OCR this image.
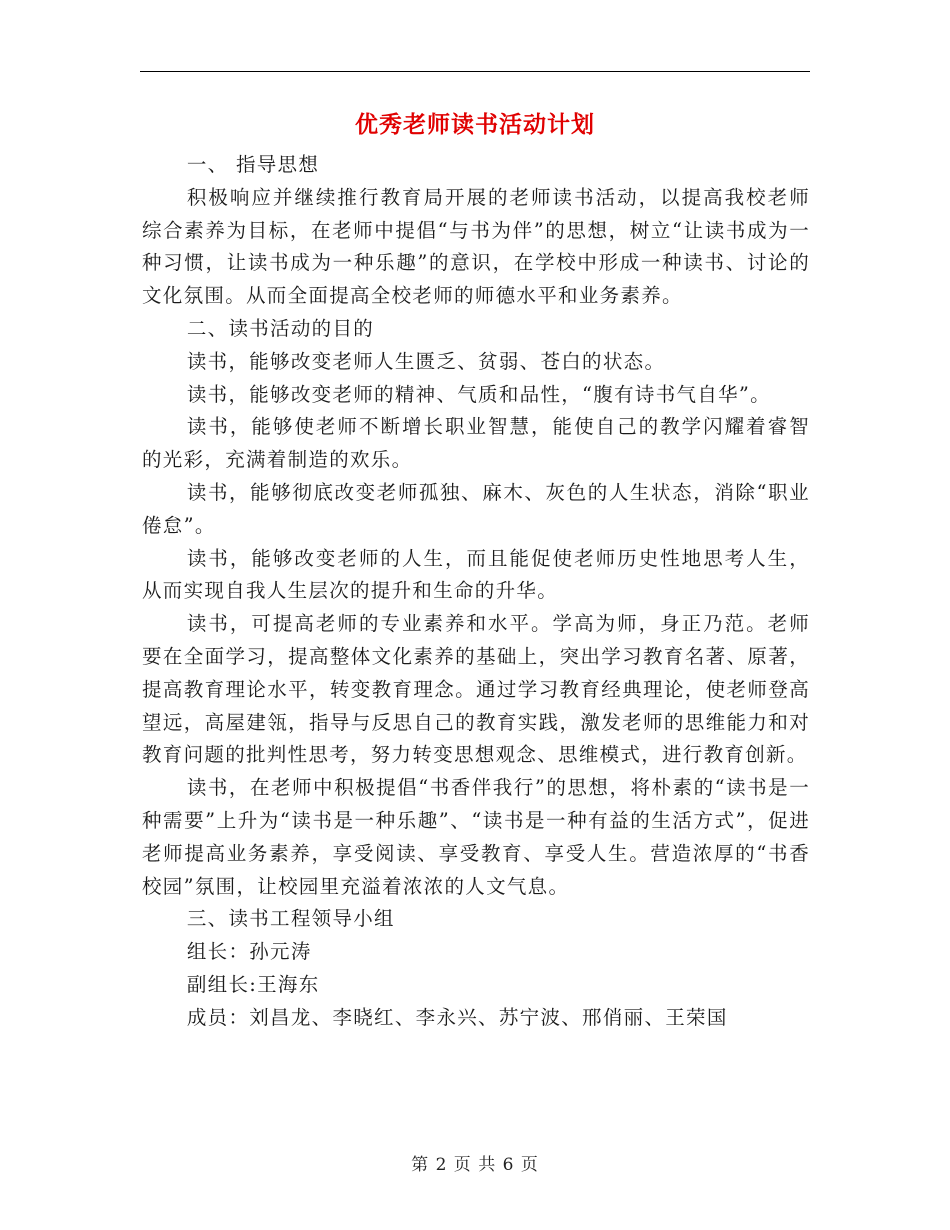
优秀老师读书活动计划

一、 指导思想

积极响应并继续推行教育局开展的老师读书活动，以提高我校老师综合素养为目标，在老师中提倡“与书为伴”的思想，树立“让读书成为一种习惯，让读书成为一种乐趣”的意识，在学校中形成一种读书、讨论的文化氛围。从而全面提高全校老师的师德水平和业务素养。

二、读书活动的目的

读书，能够改变老师人生匮乏、贫弱、苍白的状态。

读书，能够改变老师的精神、气质和品性，“腹有诗书气自华”。

读书，能够使老师不断增长职业智慧，能使自己的教学闪耀着睿智的光彩，充满着制造的欢乐。

读书，能够彻底改变老师孤独、麻木、灰色的人生状态，消除“职业倦怠”。

读书，能够改变老师的人生，而且能促使老师历史性地思考人生，从而实现自我人生层次的提升和生命的升华。

读书，可提高老师的专业素养和水平。学高为师，身正乃范。老师要在全面学习，提高整体文化素养的基础上，突出学习教育名著、原著，提高教育理论水平，转变教育理念。通过学习教育经典理论，使老师登高望远，高屋建瓴，指导与反思自己的教育实践，激发老师的思维能力和对教育问题的批判性思考，努力转变思想观念、思维模式，进行教育创新。

读书，在老师中积极提倡“书香伴我行”的思想，将朴素的“读书是一种需要”上升为“读书是一种乐趣”、“读书是一种有益的生活方式”，促进老师提高业务素养，享受阅读、享受教育、享受人生。营造浓厚的“书香校园”氛围，让校园里充溢着浓浓的人文气息。

三、读书工程领导小组

组长：孙元涛

副组长:王海东

成员：刘昌龙、李晓红、李永兴、苏宁波、邢俏丽、王荣国

第 2 页 共 6 页
